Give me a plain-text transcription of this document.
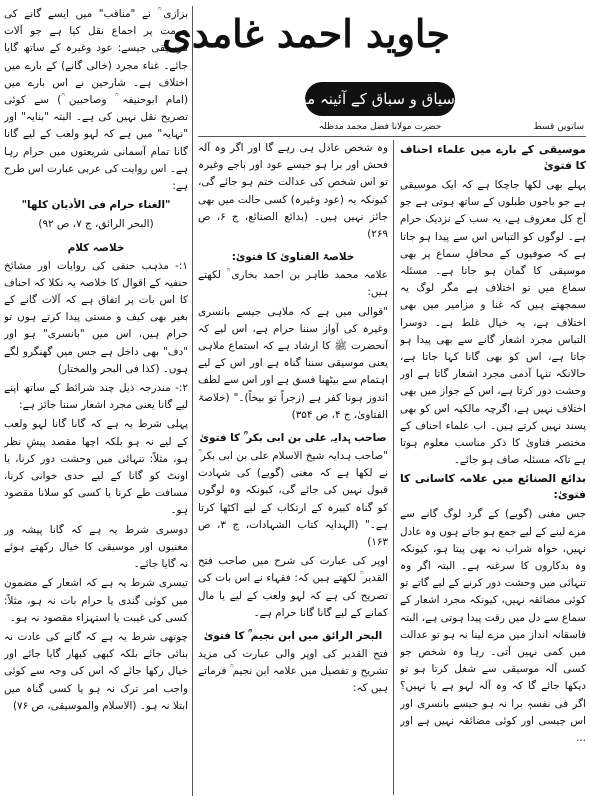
جاوید احمد غامدی
سیاق و سباق کے آئینہ میں
حضرت مولانا فضل محمد مدظلہ	ساتویں قسط
موسیقی کے بارے میں علماء احناف کا فتویٰ

پہلے بھی لکھا جاچکا ہے کہ ایک موسیقی ہے جو باجوں طبلوں کے ساتھ ہوتی ہے جو آج کل معروف ہے، یہ سب کے نزدیک حرام ہے۔ لوگوں کو التباس اس سے پیدا ہو جاتا ہے کہ صوفیوں کے محافلِ سماع پر بھی موسیقی کا گمان ہو جاتا ہے۔ مسئلہ سماع میں تو اختلاف ہے مگر لوگ یہ سمجھتے ہیں کہ غنا و مزامیر میں بھی اختلاف ہے، یہ خیال غلط ہے۔ دوسرا التباس مجرد اشعار گانے سے بھی پیدا ہو جاتا ہے، اس کو بھی گانا کہا جاتا ہے، حالانکہ تنہا آدمی مجرد اشعار گاتا ہے اور وحشت دور کرتا ہے، اس کے جواز میں بھی اختلاف نہیں ہے، اگرچہ مالکیہ اس کو بھی پسند نہیں کرتے ہیں۔ اب علماء احناف کے مختصر فتاویٰ کا ذکر مناسب معلوم ہوتا ہے تاکہ مسئلہ صاف ہو جائے۔

بدائع الصنائع میں علامہ کاسانی کا فتویٰ:

جس مغنی (گویے) کے گرد لوگ گانے سے مزے لینے کے لیے جمع ہو جاتے ہوں وہ عادل نہیں، خواہ شراب نہ بھی پیتا ہو، کیونکہ وہ بدکاروں کا سرغنہ ہے۔ البتہ اگر وہ تنہائی میں وحشت دور کرنے کے لیے گاتے تو کوئی مضائقہ نہیں، کیونکہ مجرد اشعار کے سماع سے دل میں رقت پیدا ہوتی ہے، البتہ فاسقانہ انداز میں مزے لینا نہ ہو تو عدالت میں کمی نہیں آتی۔ رہا وہ شخص جو کسی آلہ موسیقی سے شغل کرتا ہو تو دیکھا جائے گا کہ وہ آلہ لہو ہے یا نہیں؟ اگر فی نفسہٖ برا نہ ہو جیسے بانسری اور اس جیسی اور کوئی مضائقہ نہیں ہے اور ...

وہ شخص عادل ہی رہے گا اور اگر وہ آلہ فحش اور برا ہو جیسے عود اور باجے وغیرہ تو اس شخص کی عدالت ختم ہو جائے گی، کیونکہ یہ (عود وغیرہ) کسی حالت میں بھی جائز نہیں ہیں۔ (بدائع الصنائع، ج ۶، ص ۲۶۹)

خلاصۃ الفتاویٰ کا فتویٰ:

علامہ محمد طاہر بن احمد بخاری ؒ لکھتے ہیں:

"قوالی میں ہے کہ ملاہی جیسے بانسری وغیرہ کی آواز سننا حرام ہے، اس لیے کہ آنحضرت ﷺ کا ارشاد ہے کہ استماع ملاہی یعنی موسیقی سننا گناہ ہے اور اس کے لیے اہتمام سے بیٹھنا فسق ہے اور اس سے لطف اندوز ہونا کفر ہے (زجراً تو بیخاً)۔" (خلاصۃ الفتاویٰ، ج ۴، ص ۳۵۴)

صاحب ہدایہ علی بن ابی بکر ؒ کا فتویٰ

"صاحب ہدایہ شیخ الاسلام علی بن ابی بکر ؒ نے لکھا ہے کہ مغنی (گویے) کی شہادت قبول نہیں کی جائے گی، کیونکہ وہ لوگوں کو گناہ کبیرہ کے ارتکاب کے لیے اکٹھا کرتا ہے۔" (الہدایہ کتاب الشہادات، ج ۳، ص ۱۶۳)

اوپر کی عبارت کی شرح میں صاحب فتح القدیر ؒ لکھتے ہیں کہ: فقہاء نے اس بات کی تصریح کی ہے کہ لہو ولعب کے لیے یا مال کمانے کے لیے گانا گانا حرام ہے۔

البحر الرائق میں ابن نجیم ؒ کا فتویٰ

فتح القدیر کی اوپر والی عبارت کی مزید تشریح و تفصیل میں علامہ ابن نجیم ؒ فرماتے ہیں کہ:

بزازی ؒ نے "مناقب" میں ایسے گانے کی حرمت پر اجماع نقل کیا ہے جو آلات موسیقی جیسے: عود وغیرہ کے ساتھ گایا جائے۔ غناء مجرد (خالی گانے) کے بارے میں اختلاف ہے۔ شارحین نے اس بارے میں (امام ابوحنیفہ ؒ وصاحبین ؒ) سے کوئی تصریح نقل نہیں کی ہے۔ البتہ "بنایہ" اور "نہایہ" میں ہے کہ لہو ولعب کے لیے گانا گانا تمام آسمانی شریعتوں میں حرام رہا ہے۔ اس روایت کی عربی عبارت اس طرح ہے:

"الغناء حرام فی الأدیان کلھا"

(البحر الرائق، ج ۷، ص ۹۲)

خلاصہ کلام

۱:- مذہب حنفی کی روایات اور مشائخ حنفیہ کے اقوال کا خلاصہ یہ نکلا کہ احناف کا اس بات پر اتفاق ہے کہ آلات گانے کے بغیر بھی کیف و مستی پیدا کرتے ہوں تو حرام ہیں، اس میں "بانسری" ہو اور "دف" بھی داخل ہے جس میں گھنگرو لگے ہوں۔ (کذا فی البحر والمختار)

۲:- مندرجہ ذیل چند شرائط کے ساتھ اپنے لیے گانا یعنی مجرد اشعار سننا جائز ہے:

پہلی شرط یہ ہے کہ گانا گانا لہو ولعب کے لیے نہ ہو بلکہ اچھا مقصد پیشِ نظر ہو، مثلاً: تنہائی میں وحشت دور کرنا، یا اونٹ کو گانا کے لیے حدی خوانی کرنا، مسافت طے کرنا یا کسی کو سلانا مقصود ہو۔

دوسری شرط یہ ہے کہ گانا پیشہ ور مغنیوں اور موسیقی کا خیال رکھتے ہوئے نہ گایا جائے۔

تیسری شرط یہ ہے کہ اشعار کے مضمون میں کوئی گندی یا حرام بات نہ ہو، مثلاً: کسی کی غیبت یا استہزاء مقصود نہ ہو۔

چوتھی شرط یہ ہے کہ گانے کی عادت نہ بنائی جائے بلکہ کبھی کبھار گایا جائے اور خیال رکھا جائے کہ اس کی وجہ سے کوئی واجب امر ترک نہ ہو یا کسی گناہ میں ابتلا نہ ہو۔ (الاسلام والموسیقی، ص ۷۶)
